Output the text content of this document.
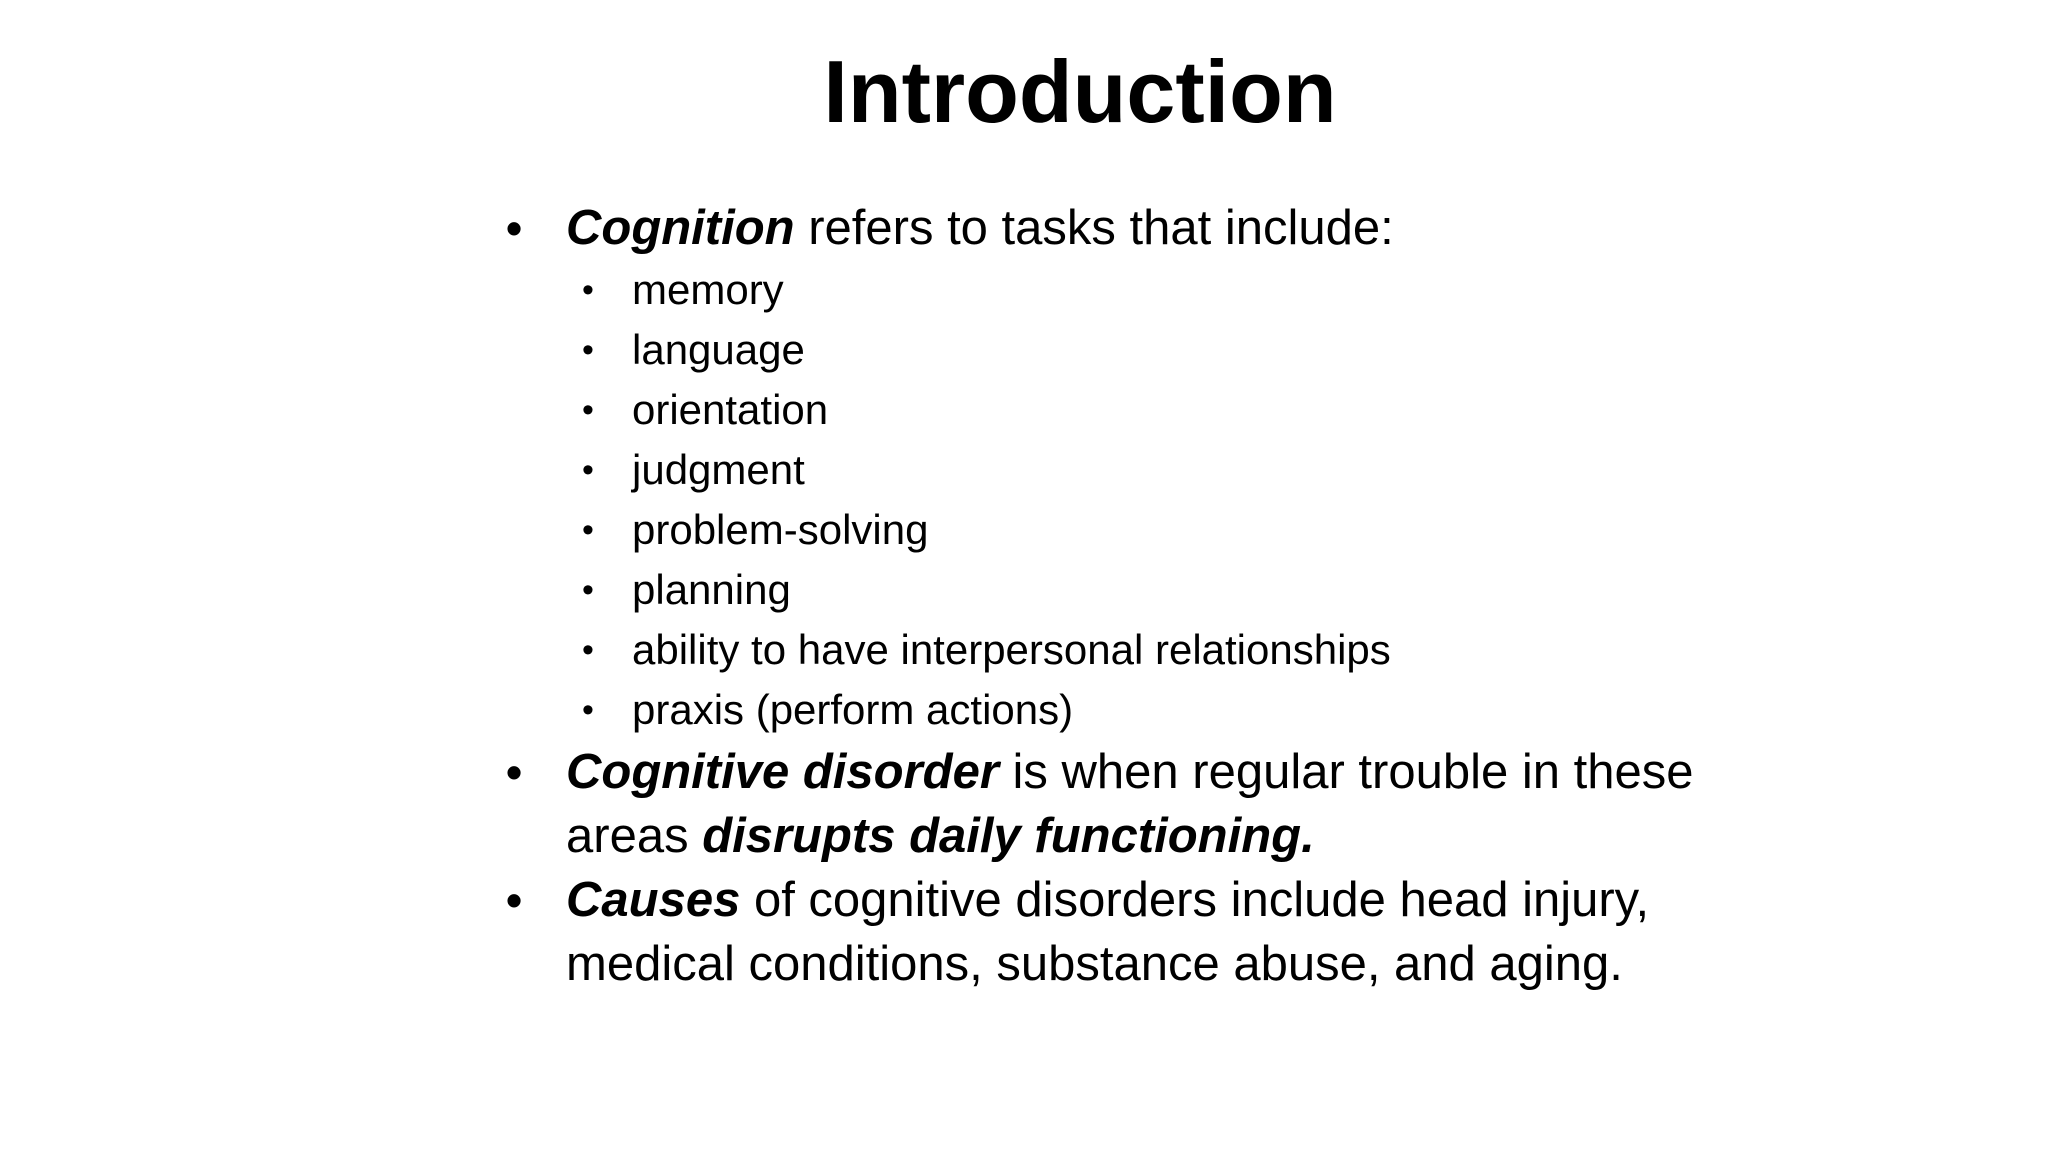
Introduction
• Cognition refers to tasks that include:
• memory
• language
• orientation
• judgment
• problem-solving
• planning
• ability to have interpersonal relationships
• praxis (perform actions)
• Cognitive disorder is when regular trouble in these areas disrupts daily functioning.
• Causes of cognitive disorders include head injury, medical conditions, substance abuse, and aging.
